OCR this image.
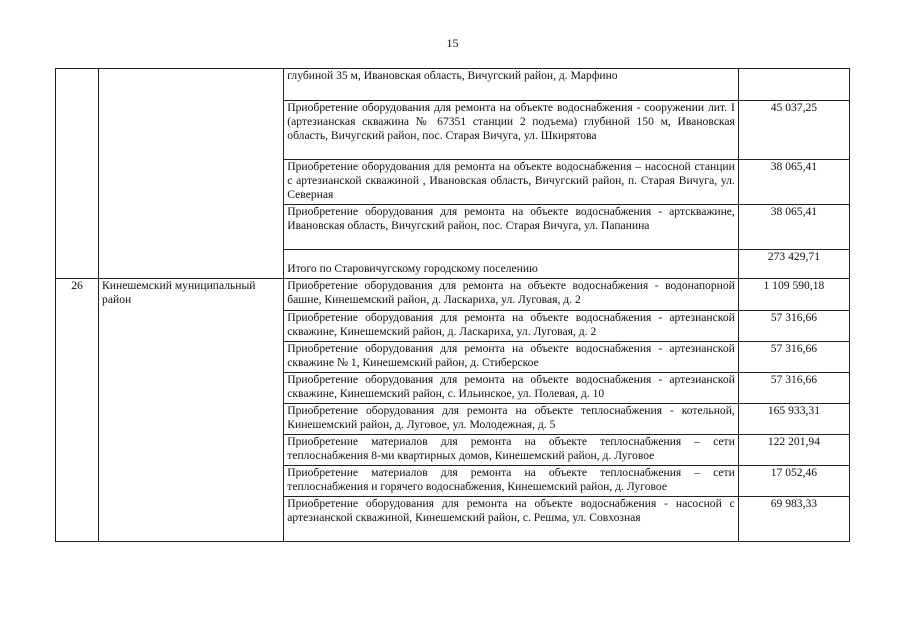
15
		глубиной 35 м, Ивановская область, Вичугский район, д. Марфино	
		Приобретение оборудования для ремонта на объекте водоснабжения - сооружении лит. I (артезианская скважина № 67351 станции 2 подъема) глубиной 150 м, Ивановская область, Вичугский район, пос. Старая Вичуга, ул. Шкирятова	45 037,25
		Приобретение оборудования для ремонта на объекте водоснабжения – насосной станции с артезианской скважиной , Ивановская область, Вичугский район, п. Старая Вичуга, ул. Северная	38 065,41
		Приобретение оборудования для ремонта на объекте водоснабжения - артскважине, Ивановская область, Вичугский район, пос. Старая Вичуга, ул. Папанина	38 065,41
		Итого по Старовичугскому городскому поселению	273 429,71
26	Кинешемский муниципальный район	Приобретение оборудования для ремонта на объекте водоснабжения - водонапорной башне, Кинешемский район, д. Ласкариха, ул. Луговая, д. 2	1 109 590,18
		Приобретение оборудования для ремонта на объекте водоснабжения - артезианской скважине, Кинешемский район, д. Ласкариха, ул. Луговая, д. 2	57 316,66
		Приобретение оборудования для ремонта на объекте водоснабжения - артезианской скважине № 1, Кинешемский район, д. Стиберское	57 316,66
		Приобретение оборудования для ремонта на объекте водоснабжения - артезианской скважине, Кинешемский район, с. Ильинское, ул. Полевая, д. 10	57 316,66
		Приобретение оборудования для ремонта на объекте теплоснабжения - котельной, Кинешемский район, д. Луговое, ул. Молодежная, д. 5	165 933,31
		Приобретение материалов для ремонта на объекте теплоснабжения – сети теплоснабжения 8-ми квартирных домов, Кинешемский район, д. Луговое	122 201,94
		Приобретение материалов для ремонта на объекте теплоснабжения – сети теплоснабжения и горячего водоснабжения, Кинешемский район, д. Луговое	17 052,46
		Приобретение оборудования для ремонта на объекте водоснабжения - насосной с артезианской скважиной, Кинешемский район, с. Решма, ул. Совхозная	69 983,33
